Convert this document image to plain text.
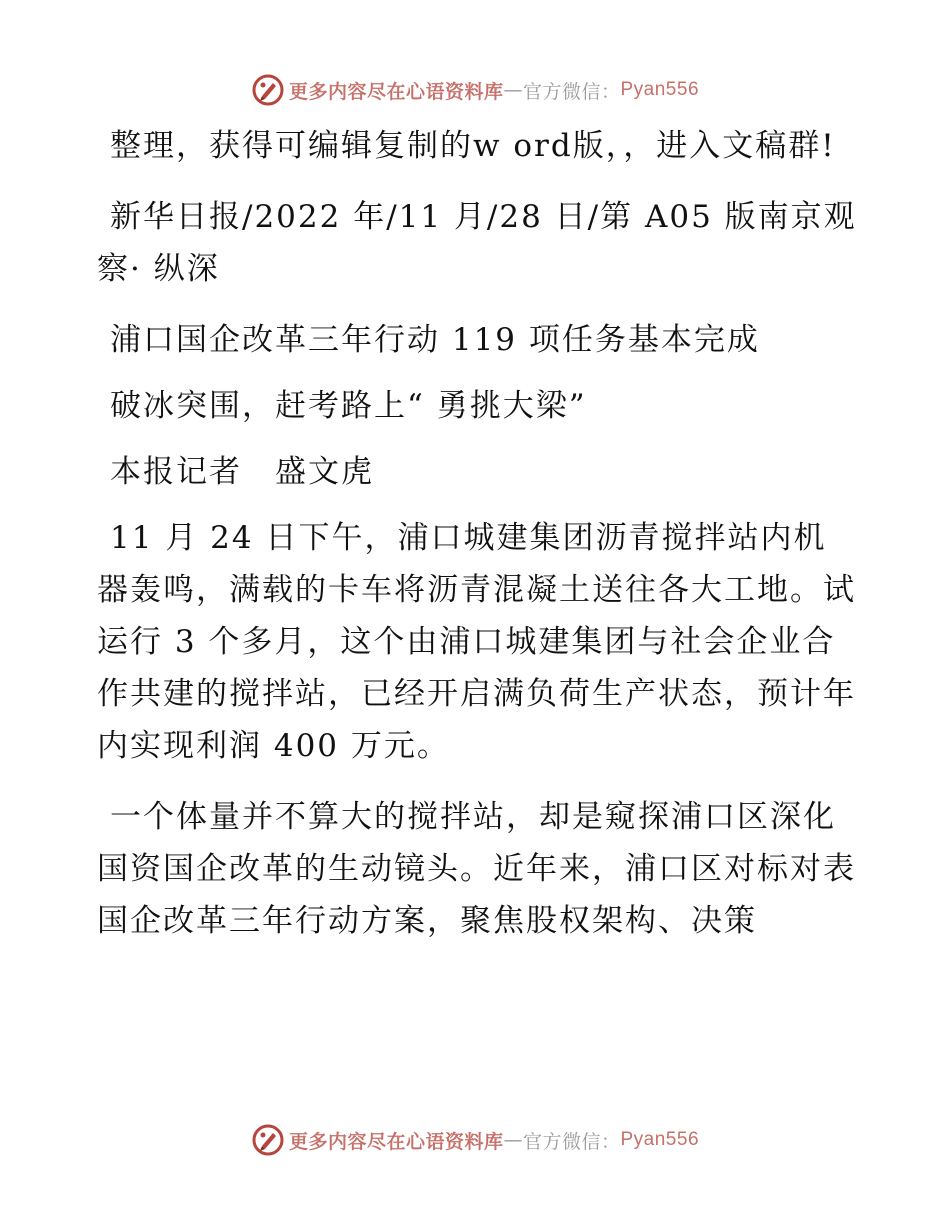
更多内容尽在心语资料库 — 官方微信： Pyan556

整理，获得可编辑复制的w ord版，，进入文稿群!

新华日报/2022 年/11 月/28 日/第 A05 版南京观察· 纵深

浦口国企改革三年行动 119 项任务基本完成

破冰突围，赶考路上“ 勇挑大梁”

本报记者　盛文虎

11 月 24 日下午，浦口城建集团沥青搅拌站内机器轰鸣，满载的卡车将沥青混凝土送往各大工地。试运行 3 个多月，这个由浦口城建集团与社会企业合作共建的搅拌站，已经开启满负荷生产状态，预计年内实现利润 400 万元。

一个体量并不算大的搅拌站，却是窥探浦口区深化国资国企改革的生动镜头。近年来，浦口区对标对表国企改革三年行动方案，聚焦股权架构、决策

更多内容尽在心语资料库 — 官方微信： Pyan556
